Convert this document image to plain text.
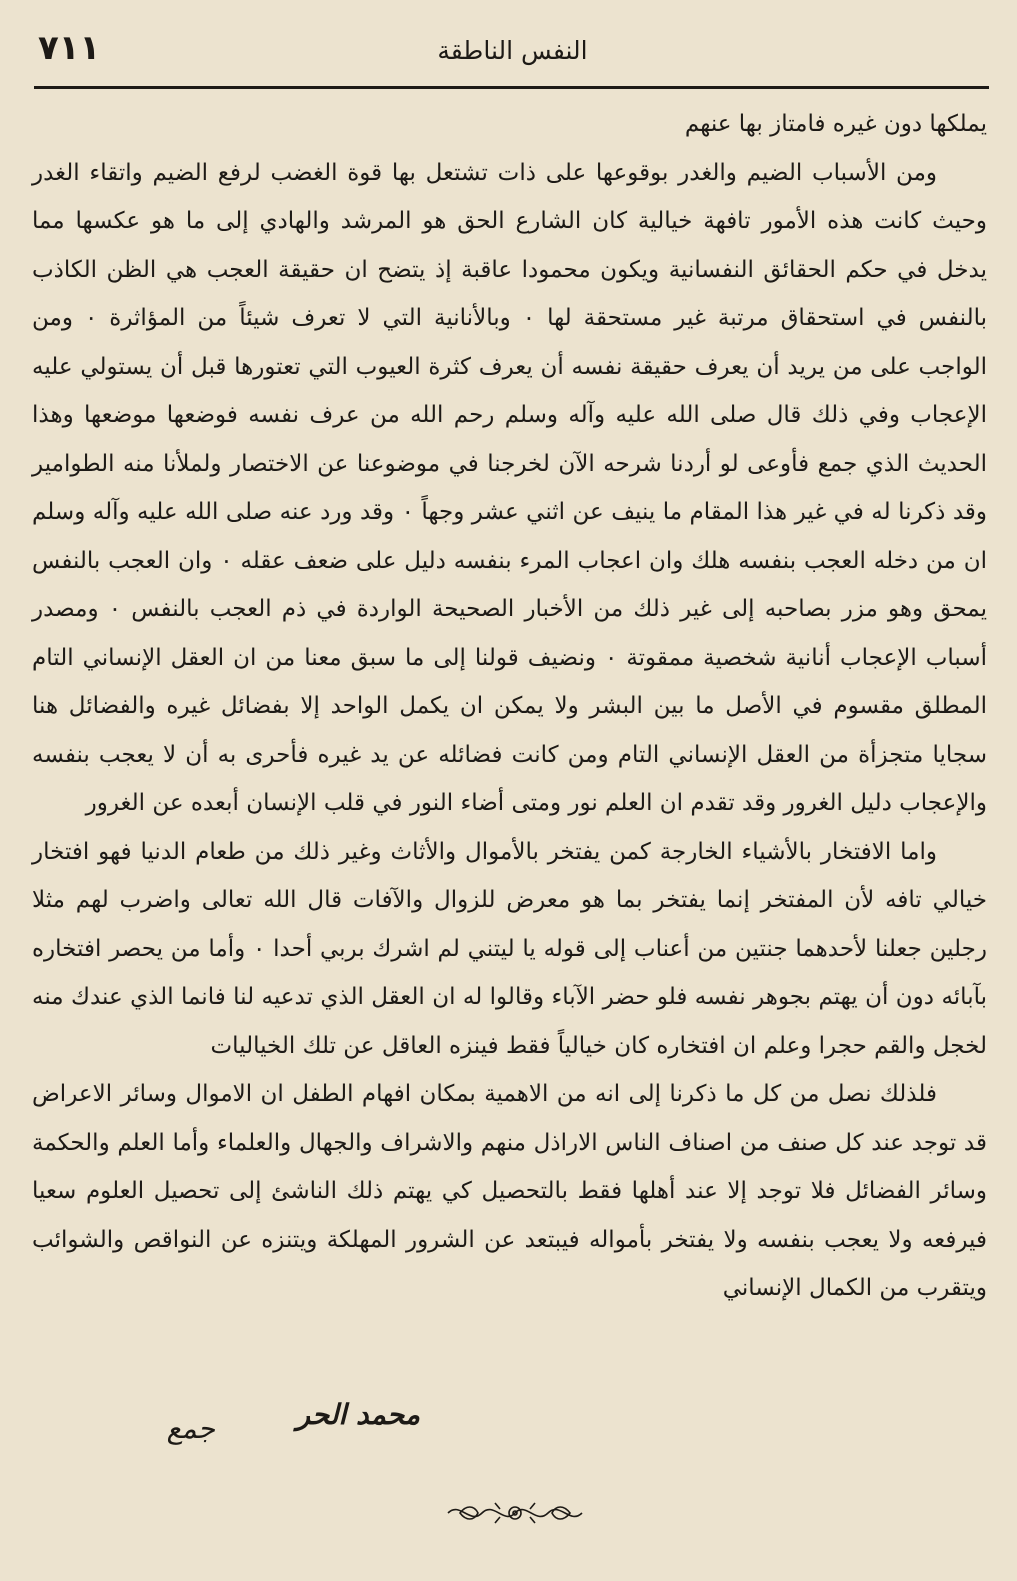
٧١١	النفس الناطقة

يملكها دون غيره فامتاز بها عنهم

ومن الأسباب الضيم والغدر بوقوعها على ذات تشتعل بها قوة الغضب لرفع الضيم واتقاء الغدر وحيث كانت هذه الأمور تافهة خيالية كان الشارع الحق هو المرشد والهادي إلى ما هو عكسها مما يدخل في حكم الحقائق النفسانية ويكون محمودا عاقبة إذ يتضح ان حقيقة العجب هي الظن الكاذب بالنفس في استحقاق مرتبة غير مستحقة لها ٠ وبالأنانية التي لا تعرف شيئاً من المؤاثرة ٠ ومن الواجب على من يريد أن يعرف حقيقة نفسه أن يعرف كثرة العيوب التي تعتورها قبل أن يستولي عليه الإعجاب وفي ذلك قال صلى الله عليه وآله وسلم رحم الله من عرف نفسه فوضعها موضعها وهذا الحديث الذي جمع فأوعى لو أردنا شرحه الآن لخرجنا في موضوعنا عن الاختصار ولملأنا منه الطوامير وقد ذكرنا له في غير هذا المقام ما ينيف عن اثني عشر وجهاً ٠ وقد ورد عنه صلى الله عليه وآله وسلم ان من دخله العجب بنفسه هلك وان اعجاب المرء بنفسه دليل على ضعف عقله ٠ وان العجب بالنفس يمحق وهو مزر بصاحبه إلى غير ذلك من الأخبار الصحيحة الواردة في ذم العجب بالنفس ٠ ومصدر أسباب الإعجاب أنانية شخصية ممقوتة ٠ ونضيف قولنا إلى ما سبق معنا من ان العقل الإنساني التام المطلق مقسوم في الأصل ما بين البشر ولا يمكن ان يكمل الواحد إلا بفضائل غيره والفضائل هنا سجايا متجزأة من العقل الإنساني التام ومن كانت فضائله عن يد غيره فأحرى به أن لا يعجب بنفسه والإعجاب دليل الغرور وقد تقدم ان العلم نور ومتى أضاء النور في قلب الإنسان أبعده عن الغرور

واما الافتخار بالأشياء الخارجة كمن يفتخر بالأموال والأثاث وغير ذلك من طعام الدنيا فهو افتخار خيالي تافه لأن المفتخر إنما يفتخر بما هو معرض للزوال والآفات قال الله تعالى واضرب لهم مثلا رجلين جعلنا لأحدهما جنتين من أعناب إلى قوله يا ليتني لم اشرك بربي أحدا ٠ وأما من يحصر افتخاره بآبائه دون أن يهتم بجوهر نفسه فلو حضر الآباء وقالوا له ان العقل الذي تدعيه لنا فانما الذي عندك منه لخجل والقم حجرا وعلم ان افتخاره كان خيالياً فقط فينزه العاقل عن تلك الخياليات

فلذلك نصل من كل ما ذكرنا إلى انه من الاهمية بمكان افهام الطفل ان الاموال وسائر الاعراض قد توجد عند كل صنف من اصناف الناس الاراذل منهم والاشراف والجهال والعلماء وأما العلم والحكمة وسائر الفضائل فلا توجد إلا عند أهلها فقط بالتحصيل كي يهتم ذلك الناشئ إلى تحصيل العلوم سعيا فيرفعه ولا يعجب بنفسه ولا يفتخر بأمواله فيبتعد عن الشرور المهلكة ويتنزه عن النواقص والشوائب ويتقرب من الكمال الإنساني

محمد الحر
جمع
